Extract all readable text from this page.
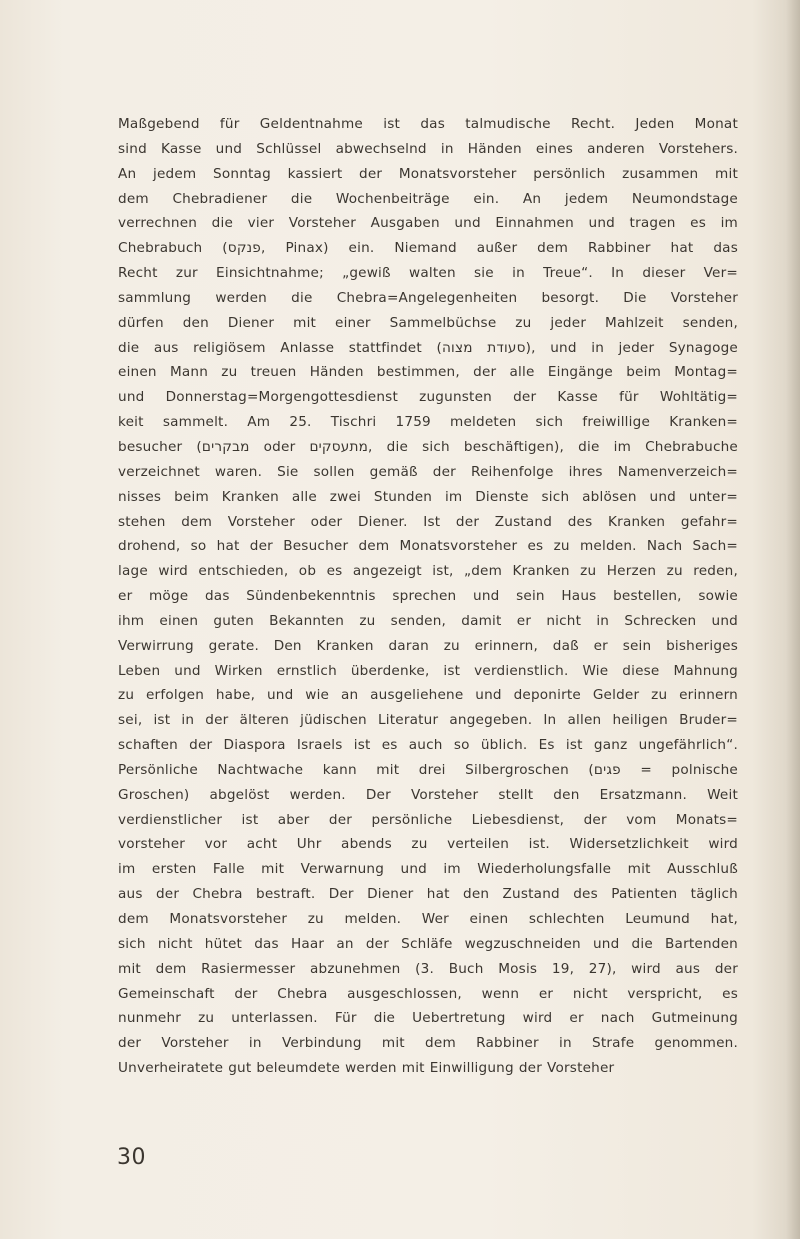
Maßgebend für Geldentnahme ist das talmudische Recht. Jeden Monat
sind Kasse und Schlüssel abwechselnd in Händen eines anderen Vorstehers.
An jedem Sonntag kassiert der Monatsvorsteher persönlich zusammen mit
dem Chebradiener die Wochenbeiträge ein. An jedem Neumondstage
verrechnen die vier Vorsteher Ausgaben und Einnahmen und tragen es im
Chebrabuch (פנקס, Pinax) ein. Niemand außer dem Rabbiner hat das
Recht zur Einsichtnahme; „gewiß walten sie in Treue“. In dieser Ver=
sammlung werden die Chebra=Angelegenheiten besorgt. Die Vorsteher
dürfen den Diener mit einer Sammelbüchse zu jeder Mahlzeit senden,
die aus religiösem Anlasse stattfindet (סעודת מצוה), und in jeder Synagoge
einen Mann zu treuen Händen bestimmen, der alle Eingänge beim Montag=
und Donnerstag=Morgengottesdienst zugunsten der Kasse für Wohltätig=
keit sammelt. Am 25. Tischri 1759 meldeten sich freiwillige Kranken=
besucher (מבקרים oder מתעסקים, die sich beschäftigen), die im Chebrabuche
verzeichnet waren. Sie sollen gemäß der Reihenfolge ihres Namenverzeich=
nisses beim Kranken alle zwei Stunden im Dienste sich ablösen und unter=
stehen dem Vorsteher oder Diener. Ist der Zustand des Kranken gefahr=
drohend, so hat der Besucher dem Monatsvorsteher es zu melden. Nach Sach=
lage wird entschieden, ob es angezeigt ist, „dem Kranken zu Herzen zu reden,
er möge das Sündenbekenntnis sprechen und sein Haus bestellen, sowie
ihm einen guten Bekannten zu senden, damit er nicht in Schrecken und
Verwirrung gerate. Den Kranken daran zu erinnern, daß er sein bisheriges
Leben und Wirken ernstlich überdenke, ist verdienstlich. Wie diese Mahnung
zu erfolgen habe, und wie an ausgeliehene und deponirte Gelder zu erinnern
sei, ist in der älteren jüdischen Literatur angegeben. In allen heiligen Bruder=
schaften der Diaspora Israels ist es auch so üblich. Es ist ganz ungefährlich“.
Persönliche Nachtwache kann mit drei Silbergroschen (פגים = polnische
Groschen) abgelöst werden. Der Vorsteher stellt den Ersatzmann. Weit
verdienstlicher ist aber der persönliche Liebesdienst, der vom Monats=
vorsteher vor acht Uhr abends zu verteilen ist. Widersetzlichkeit wird
im ersten Falle mit Verwarnung und im Wiederholungsfalle mit Ausschluß
aus der Chebra bestraft. Der Diener hat den Zustand des Patienten täglich
dem Monatsvorsteher zu melden. Wer einen schlechten Leumund hat,
sich nicht hütet das Haar an der Schläfe wegzuschneiden und die Bartenden
mit dem Rasiermesser abzunehmen (3. Buch Mosis 19, 27), wird aus der
Gemeinschaft der Chebra ausgeschlossen, wenn er nicht verspricht, es
nunmehr zu unterlassen. Für die Uebertretung wird er nach Gutmeinung
der Vorsteher in Verbindung mit dem Rabbiner in Strafe genommen.
Unverheiratete gut beleumdete werden mit Einwilligung der Vorsteher
30
